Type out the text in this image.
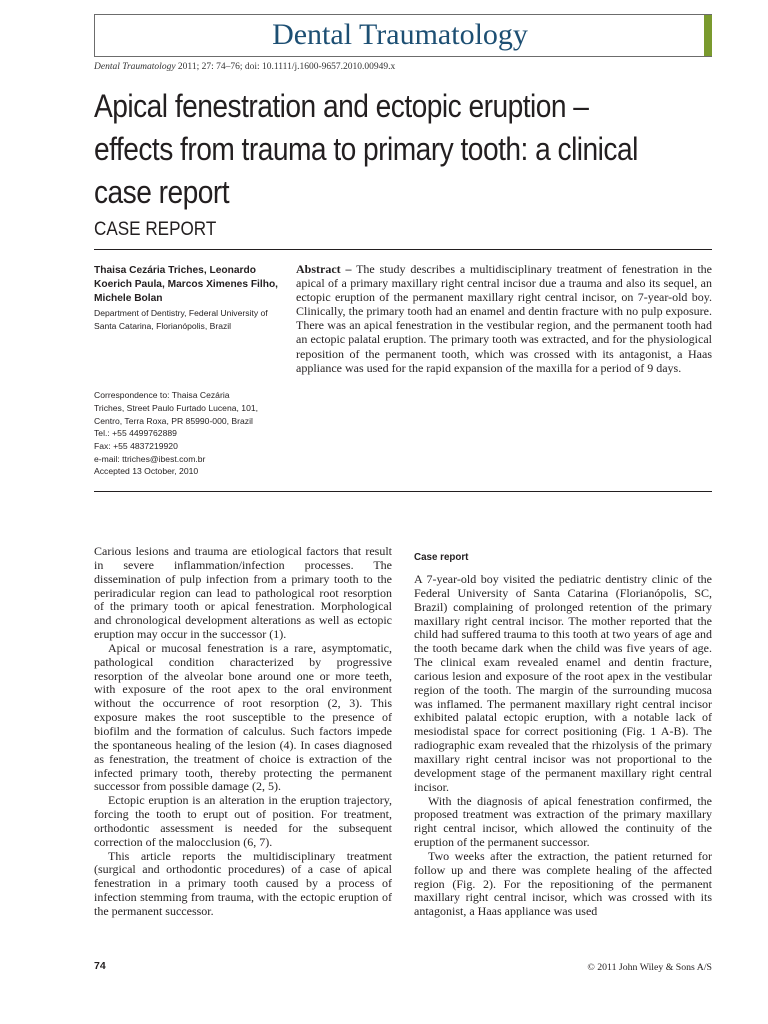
Dental Traumatology
Dental Traumatology 2011; 27: 74–76; doi: 10.1111/j.1600-9657.2010.00949.x
Apical fenestration and ectopic eruption –
effects from trauma to primary tooth: a clinical
case report
CASE REPORT
Thaisa Cezária Triches, Leonardo Koerich Paula, Marcos Ximenes Filho, Michele Bolan
Department of Dentistry, Federal University of Santa Catarina, Florianópolis, Brazil
Correspondence to: Thaisa Cezária
Triches, Street Paulo Furtado Lucena, 101,
Centro, Terra Roxa, PR 85990-000, Brazil
Tel.: +55 4499762889
Fax: +55 4837219920
e-mail: ttriches@ibest.com.br
Accepted 13 October, 2010
Abstract – The study describes a multidisciplinary treatment of fenestration in the apical of a primary maxillary right central incisor due a trauma and also its sequel, an ectopic eruption of the permanent maxillary right central incisor, on 7-year-old boy. Clinically, the primary tooth had an enamel and dentin fracture with no pulp exposure. There was an apical fenestration in the vestibular region, and the permanent tooth had an ectopic palatal eruption. The primary tooth was extracted, and for the physiological reposition of the permanent tooth, which was crossed with its antagonist, a Haas appliance was used for the rapid expansion of the maxilla for a period of 9 days.

Carious lesions and trauma are etiological factors that result in severe inflammation/infection processes. The dissemination of pulp infection from a primary tooth to the periradicular region can lead to pathological root resorption of the primary tooth or apical fenestration. Morphological and chronological development alterations as well as ectopic eruption may occur in the successor (1).

Apical or mucosal fenestration is a rare, asymptomatic, pathological condition characterized by progressive resorption of the alveolar bone around one or more teeth, with exposure of the root apex to the oral environment without the occurrence of root resorption (2, 3). This exposure makes the root susceptible to the presence of biofilm and the formation of calculus. Such factors impede the spontaneous healing of the lesion (4). In cases diagnosed as fenestration, the treatment of choice is extraction of the infected primary tooth, thereby protecting the permanent successor from possible damage (2, 5).

Ectopic eruption is an alteration in the eruption trajectory, forcing the tooth to erupt out of position. For treatment, orthodontic assessment is needed for the subsequent correction of the malocclusion (6, 7).

This article reports the multidisciplinary treatment (surgical and orthodontic procedures) of a case of apical fenestration in a primary tooth caused by a process of infection stemming from trauma, with the ectopic eruption of the permanent successor.

Case report

A 7-year-old boy visited the pediatric dentistry clinic of the Federal University of Santa Catarina (Florianópolis, SC, Brazil) complaining of prolonged retention of the primary maxillary right central incisor. The mother reported that the child had suffered trauma to this tooth at two years of age and the tooth became dark when the child was five years of age. The clinical exam revealed enamel and dentin fracture, carious lesion and exposure of the root apex in the vestibular region of the tooth. The margin of the surrounding mucosa was inflamed. The permanent maxillary right central incisor exhibited palatal ectopic eruption, with a notable lack of mesiodistal space for correct positioning (Fig. 1 A-B). The radiographic exam revealed that the rhizolysis of the primary maxillary right central incisor was not proportional to the development stage of the permanent maxillary right central incisor.

With the diagnosis of apical fenestration confirmed, the proposed treatment was extraction of the primary maxillary right central incisor, which allowed the continuity of the eruption of the permanent successor.

Two weeks after the extraction, the patient returned for follow up and there was complete healing of the affected region (Fig. 2). For the repositioning of the permanent maxillary right central incisor, which was crossed with its antagonist, a Haas appliance was used

74	© 2011 John Wiley & Sons A/S
